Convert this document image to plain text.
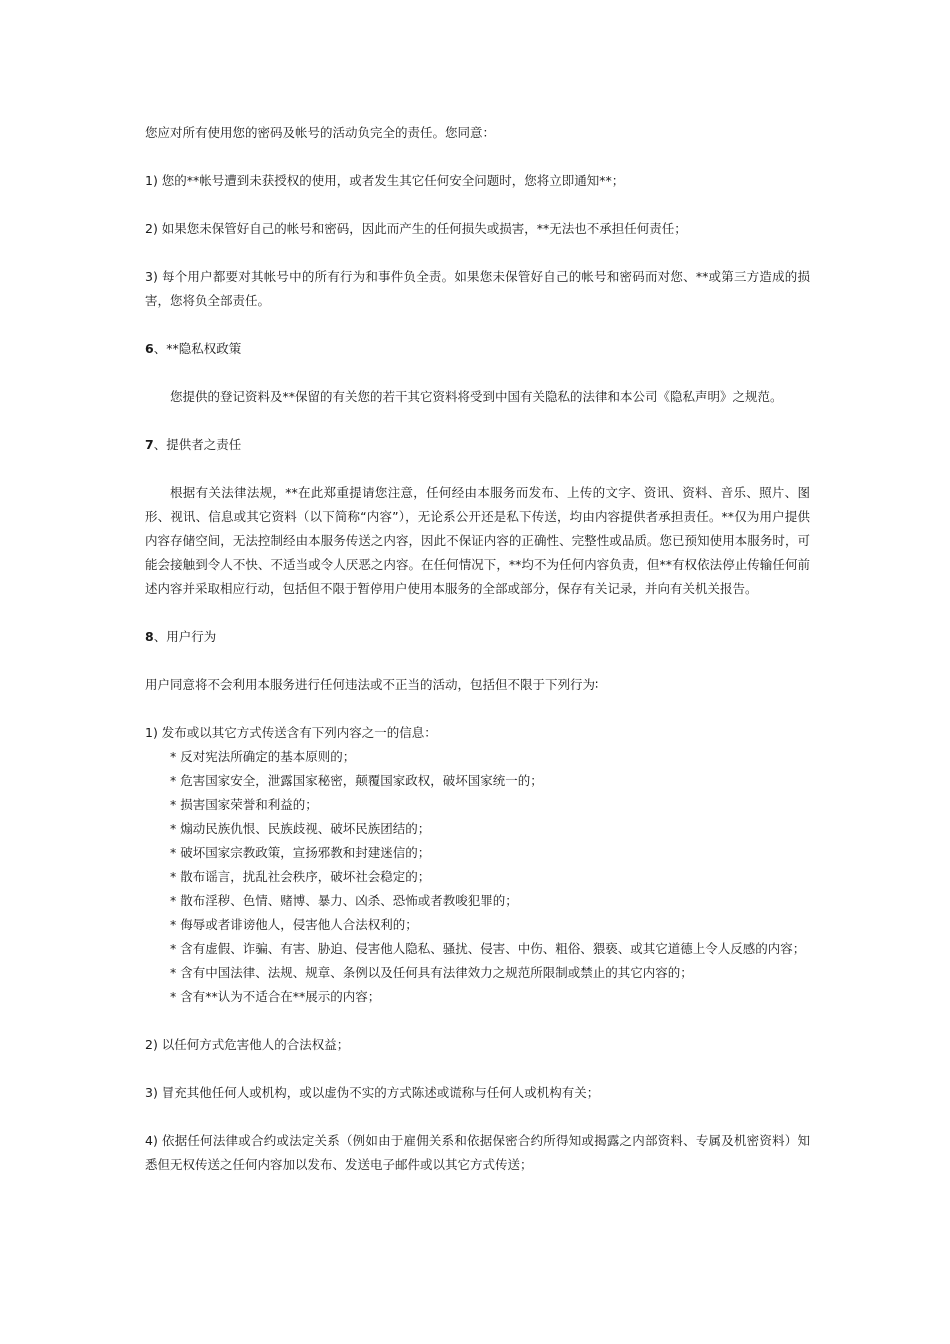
您应对所有使用您的密码及帐号的活动负完全的责任。您同意：

1) 您的**帐号遭到未获授权的使用，或者发生其它任何安全问题时，您将立即通知**；

2) 如果您未保管好自己的帐号和密码，因此而产生的任何损失或损害，**无法也不承担任何责任；

3) 每个用户都要对其帐号中的所有行为和事件负全责。如果您未保管好自己的帐号和密码而对您、**或第三方造成的损害，您将负全部责任。

6、**隐私权政策

您提供的登记资料及**保留的有关您的若干其它资料将受到中国有关隐私的法律和本公司《隐私声明》之规范。

7、提供者之责任

根据有关法律法规，**在此郑重提请您注意，任何经由本服务而发布、上传的文字、资讯、资料、音乐、照片、图形、视讯、信息或其它资料（以下简称“内容”），无论系公开还是私下传送，均由内容提供者承担责任。**仅为用户提供内容存储空间，无法控制经由本服务传送之内容，因此不保证内容的正确性、完整性或品质。您已预知使用本服务时，可能会接触到令人不快、不适当或令人厌恶之内容。在任何情况下，**均不为任何内容负责，但**有权依法停止传输任何前述内容并采取相应行动，包括但不限于暂停用户使用本服务的全部或部分，保存有关记录，并向有关机关报告。

8、用户行为

用户同意将不会利用本服务进行任何违法或不正当的活动，包括但不限于下列行为∶

1) 发布或以其它方式传送含有下列内容之一的信息：

* 反对宪法所确定的基本原则的；

* 危害国家安全，泄露国家秘密，颠覆国家政权，破坏国家统一的；

* 损害国家荣誉和利益的；

* 煽动民族仇恨、民族歧视、破坏民族团结的；

* 破坏国家宗教政策，宣扬邪教和封建迷信的；

* 散布谣言，扰乱社会秩序，破坏社会稳定的；

* 散布淫秽、色情、赌博、暴力、凶杀、恐怖或者教唆犯罪的；

* 侮辱或者诽谤他人，侵害他人合法权利的；

* 含有虚假、诈骗、有害、胁迫、侵害他人隐私、骚扰、侵害、中伤、粗俗、猥亵、或其它道德上令人反感的内容；

* 含有中国法律、法规、规章、条例以及任何具有法律效力之规范所限制或禁止的其它内容的；

* 含有**认为不适合在**展示的内容；

2) 以任何方式危害他人的合法权益；

3) 冒充其他任何人或机构，或以虚伪不实的方式陈述或谎称与任何人或机构有关；

4) 依据任何法律或合约或法定关系（例如由于雇佣关系和依据保密合约所得知或揭露之内部资料、专属及机密资料）知悉但无权传送之任何内容加以发布、发送电子邮件或以其它方式传送；
